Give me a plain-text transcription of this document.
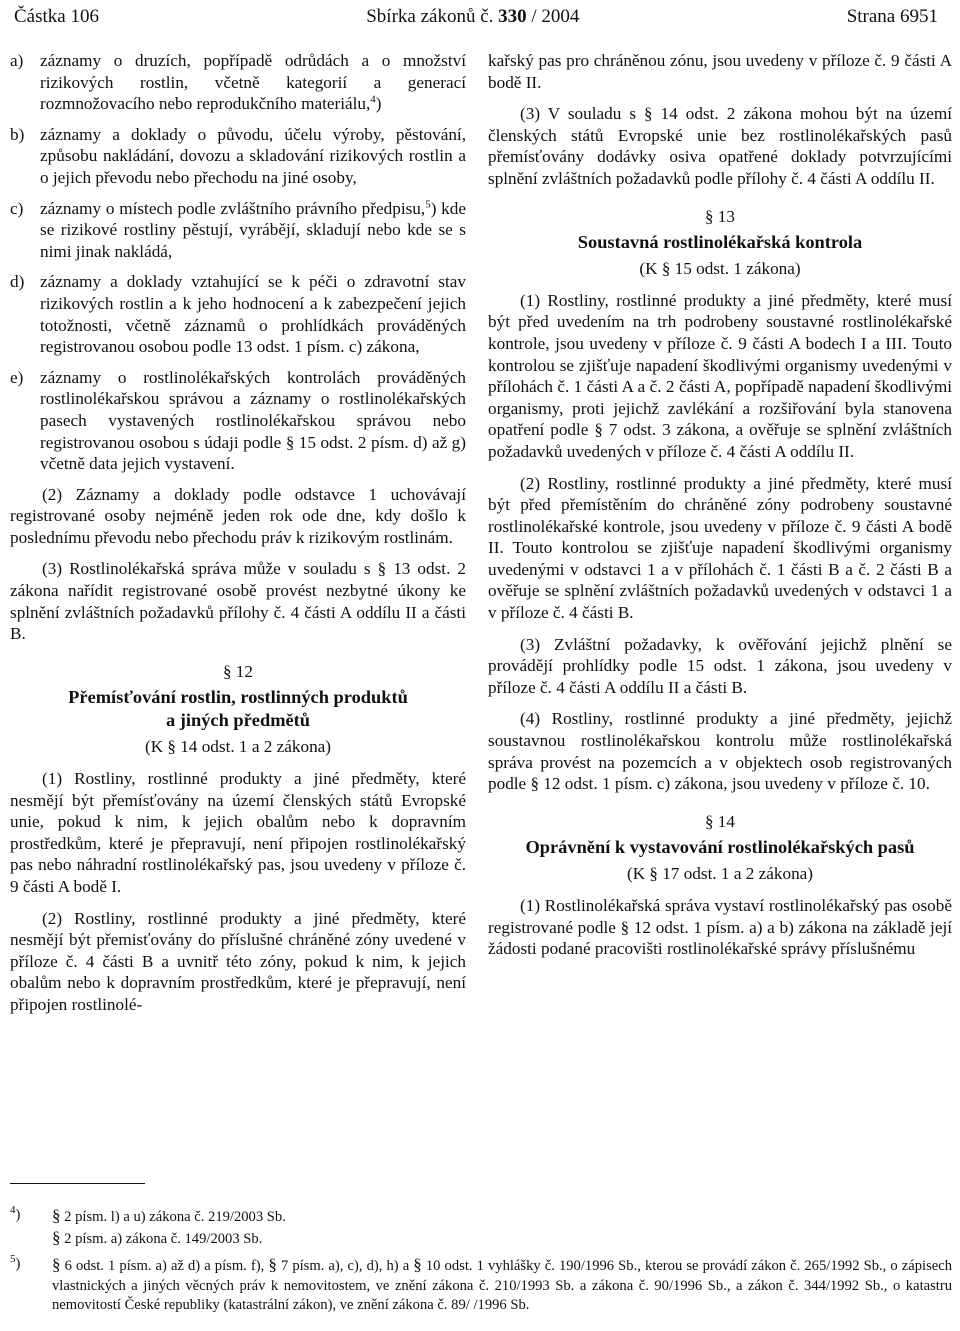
Částka 106	Sbírka zákonů č. 330 / 2004	Strana 6951
a) záznamy o druzích, popřípadě odrůdách a o množství rizikových rostlin, včetně kategorií a generací rozmnožovacího nebo reprodukčního materiálu,$^4$)
b) záznamy a doklady o původu, účelu výroby, pěstování, způsobu nakládání, dovozu a skladování rizikových rostlin a o jejich převodu nebo přechodu na jiné osoby,
c) záznamy o místech podle zvláštního právního předpisu,$^5$) kde se rizikové rostliny pěstují, vyrábějí, skladují nebo kde se s nimi jinak nakládá,
d) záznamy a doklady vztahující se k péči o zdravotní stav rizikových rostlin a k jeho hodnocení a k zabezpečení jejich totožnosti, včetně záznamů o prohlídkách prováděných registrovanou osobou podle 13 odst. 1 písm. c) zákona,
e) záznamy o rostlinolékařských kontrolách prováděných rostlinolékařskou správou a záznamy o rostlinolékařských pasech vystavených rostlinolékařskou správou nebo registrovanou osobou s údaji podle § 15 odst. 2 písm. d) až g) včetně data jejich vystavení.

(2) Záznamy a doklady podle odstavce 1 uchovávají registrované osoby nejméně jeden rok ode dne, kdy došlo k poslednímu převodu nebo přechodu práv k rizikovým rostlinám.

(3) Rostlinolékařská správa může v souladu s § 13 odst. 2 zákona nařídit registrované osobě provést nezbytné úkony ke splnění zvláštních požadavků přílohy č. 4 části A oddílu II a části B.

§ 12
Přemísťování rostlin, rostlinných produktů
a jiných předmětů
(K § 14 odst. 1 a 2 zákona)

(1) Rostliny, rostlinné produkty a jiné předměty, které nesmějí být přemísťovány na území členských států Evropské unie, pokud k nim, k jejich obalům nebo k dopravním prostředkům, které je přepravují, není připojen rostlinolékařský pas nebo náhradní rostlinolékařský pas, jsou uvedeny v příloze č. 9 části A bodě I.

(2) Rostliny, rostlinné produkty a jiné předměty, které nesmějí být přemisťovány do příslušné chráněné zóny uvedené v příloze č. 4 části B a uvnitř této zóny, pokud k nim, k jejich obalům nebo k dopravním prostředkům, které je přepravují, není připojen rostlinolé-

kařský pas pro chráněnou zónu, jsou uvedeny v příloze č. 9 části A bodě II.

(3) V souladu s § 14 odst. 2 zákona mohou být na území členských států Evropské unie bez rostlinolékařských pasů přemísťovány dodávky osiva opatřené doklady potvrzujícími splnění zvláštních požadavků podle přílohy č. 4 části A oddílu II.

§ 13
Soustavná rostlinolékařská kontrola
(K § 15 odst. 1 zákona)

(1) Rostliny, rostlinné produkty a jiné předměty, které musí být před uvedením na trh podrobeny soustavné rostlinolékařské kontrole, jsou uvedeny v příloze č. 9 části A bodech I a III. Touto kontrolou se zjišťuje napadení škodlivými organismy uvedenými v přílohách č. 1 části A a č. 2 části A, popřípadě napadení škodlivými organismy, proti jejichž zavlékání a rozšiřování byla stanovena opatření podle § 7 odst. 3 zákona, a ověřuje se splnění zvláštních požadavků uvedených v příloze č. 4 části A oddílu II.

(2) Rostliny, rostlinné produkty a jiné předměty, které musí být před přemístěním do chráněné zóny podrobeny soustavné rostlinolékařské kontrole, jsou uvedeny v příloze č. 9 části A bodě II. Touto kontrolou se zjišťuje napadení škodlivými organismy uvedenými v odstavci 1 a v přílohách č. 1 části B a č. 2 části B a ověřuje se splnění zvláštních požadavků uvedených v odstavci 1 a v příloze č. 4 části B.

(3) Zvláštní požadavky, k ověřování jejichž plnění se provádějí prohlídky podle 15 odst. 1 zákona, jsou uvedeny v příloze č. 4 části A oddílu II a části B.

(4) Rostliny, rostlinné produkty a jiné předměty, jejichž soustavnou rostlinolékařskou kontrolu může rostlinolékařská správa provést na pozemcích a v objektech osob registrovaných podle § 12 odst. 1 písm. c) zákona, jsou uvedeny v příloze č. 10.

§ 14
Oprávnění k vystavování rostlinolékařských pasů
(K § 17 odst. 1 a 2 zákona)

(1) Rostlinolékařská správa vystaví rostlinolékařský pas osobě registrované podle § 12 odst. 1 písm. a) a b) zákona na základě její žádosti podané pracovišti rostlinolékařské správy příslušnému

$^4$)	§ 2 písm. l) a u) zákona č. 219/2003 Sb.
§ 2 písm. a) zákona č. 149/2003 Sb.
$^5$)	§ 6 odst. 1 písm. a) až d) a písm. f), § 7 písm. a), c), d), h) a § 10 odst. 1 vyhlášky č. 190/1996 Sb., kterou se provádí zákon č. 265/1992 Sb., o zápisech vlastnických a jiných věcných práv k nemovitostem, ve znění zákona č. 210/1993 Sb. a zákona č. 90/1996 Sb., a zákon č. 344/1992 Sb., o katastru nemovitostí České republiky (katastrální zákon), ve znění zákona č. 89/ /1996 Sb.
